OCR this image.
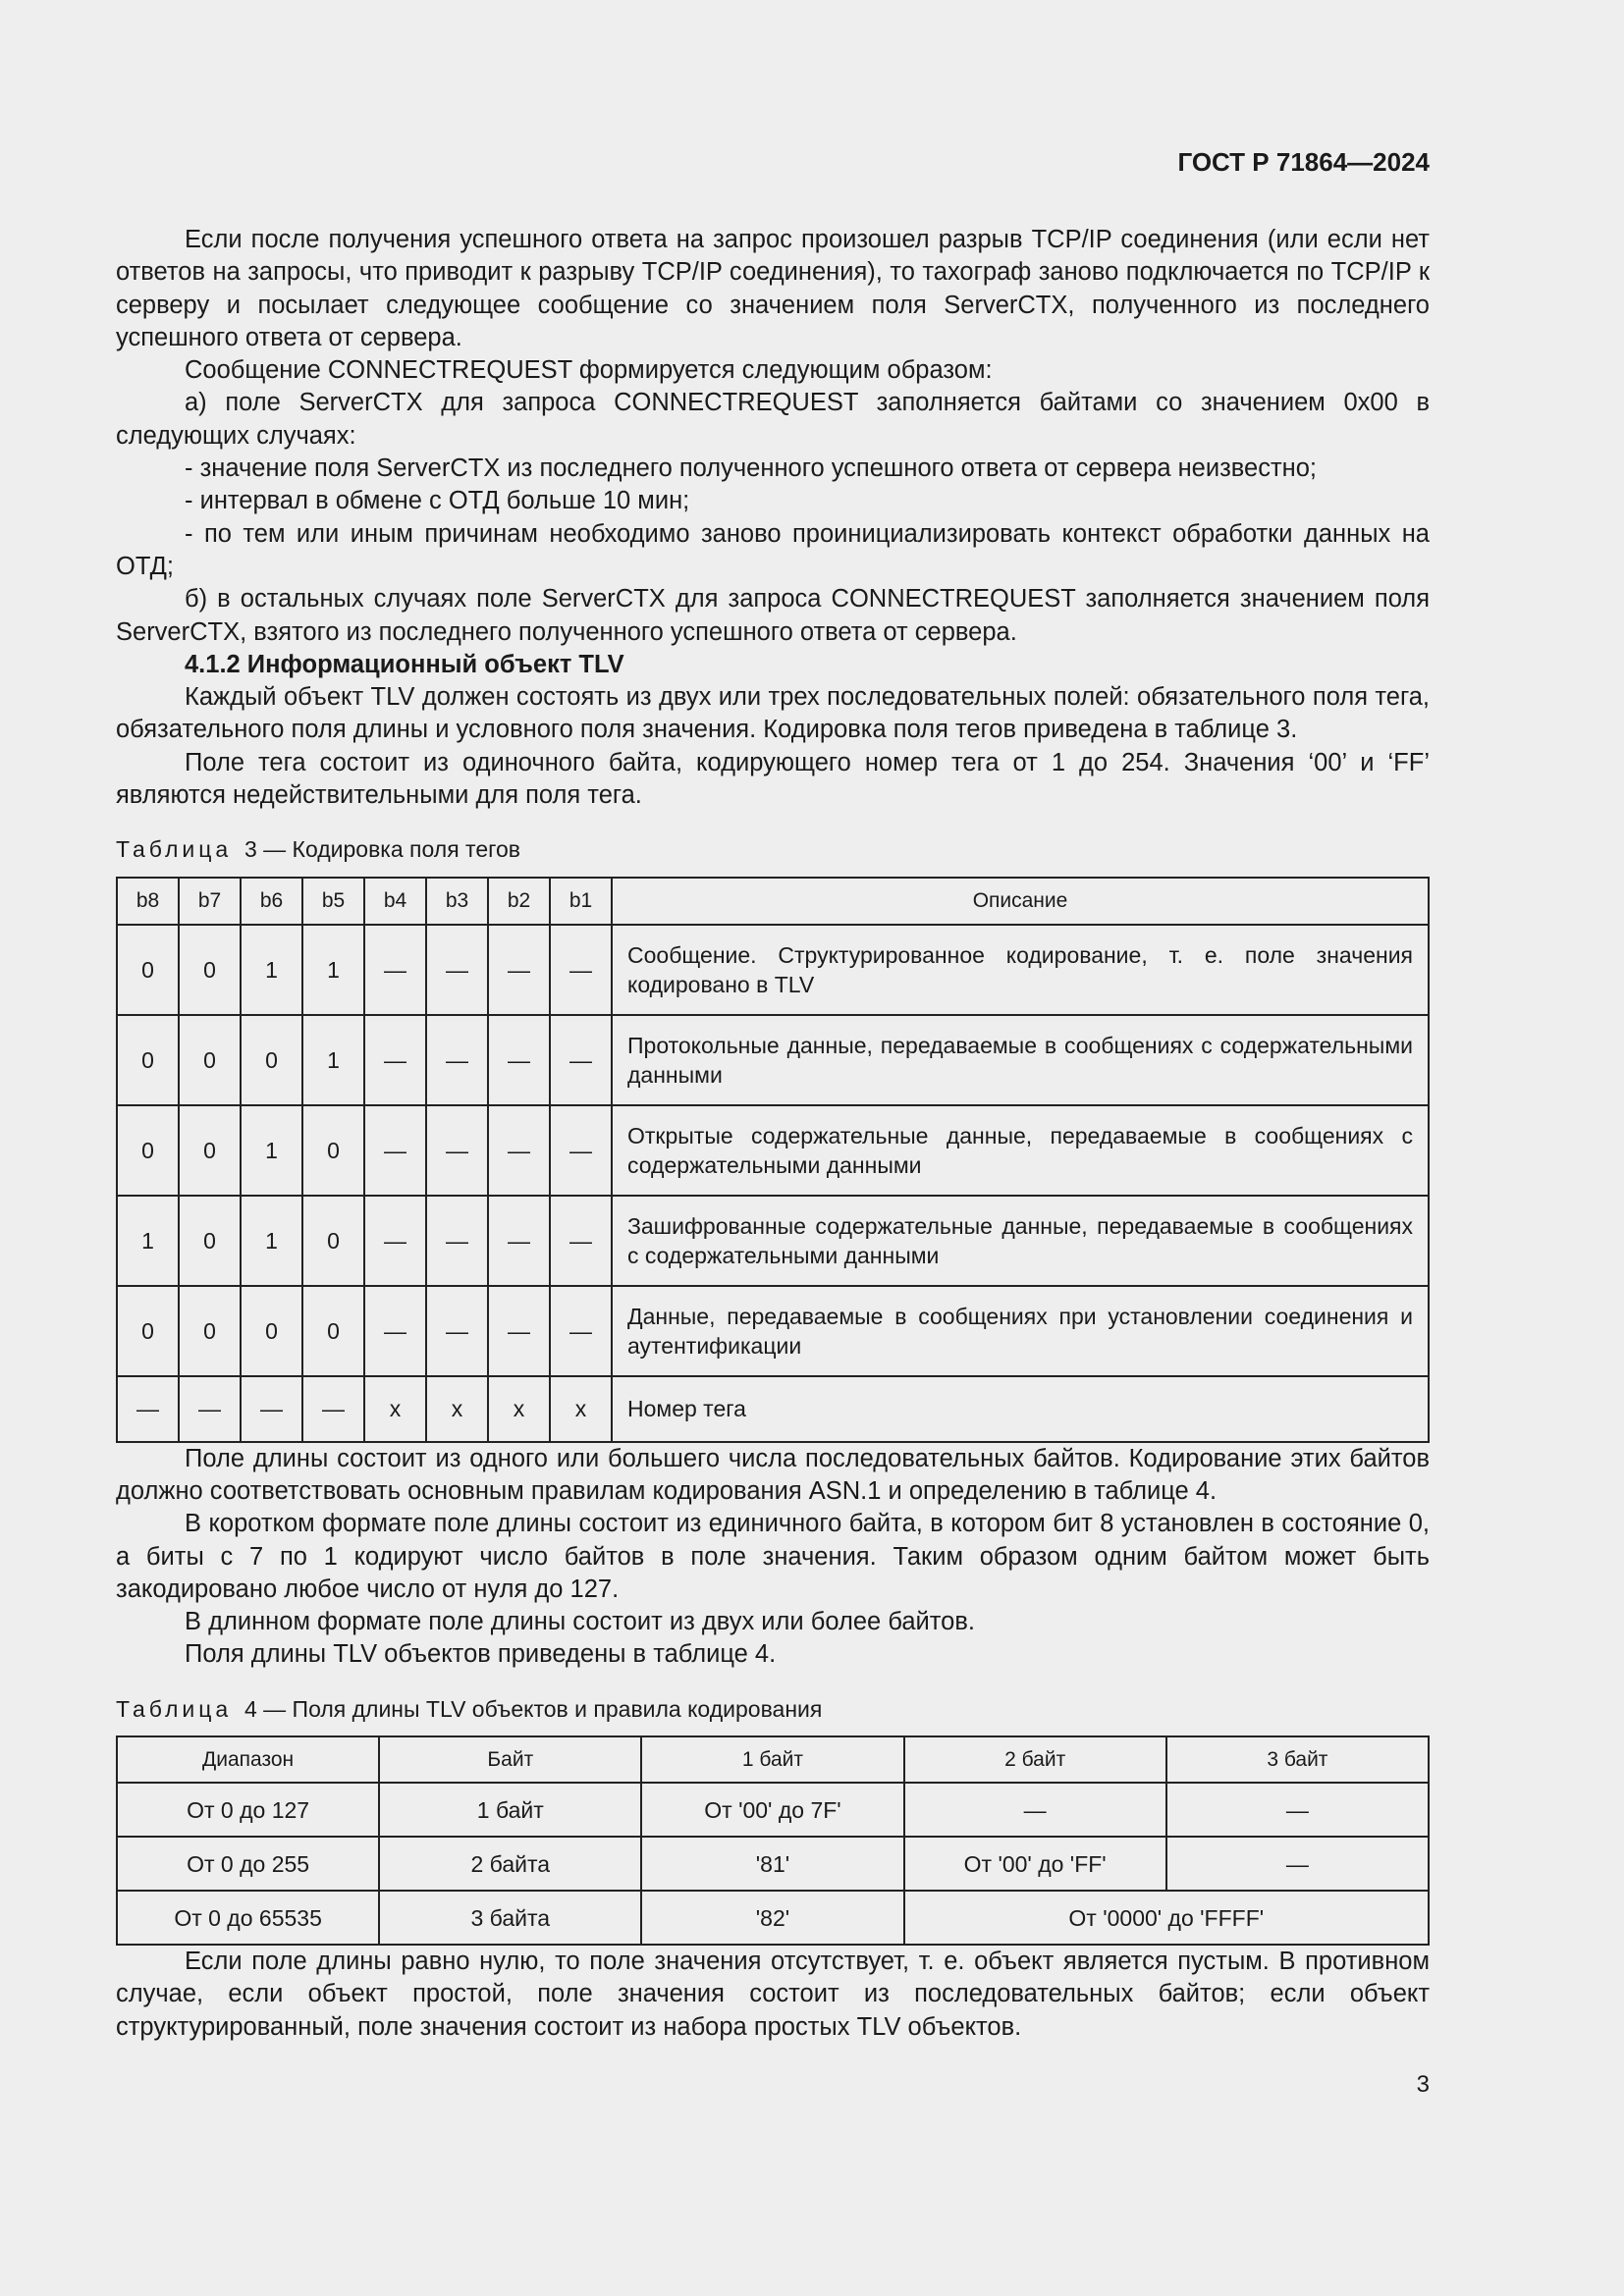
ГОСТ Р 71864—2024

Если после получения успешного ответа на запрос произошел разрыв TCP/IP соединения (или если нет ответов на запросы, что приводит к разрыву TCP/IP соединения), то тахограф заново подключается по TCP/IP к серверу и посылает следующее сообщение со значением поля ServerCTX, полученного из последнего успешного ответа от сервера.

Сообщение CONNECTREQUEST формируется следующим образом:

а) поле ServerCTX для запроса CONNECTREQUEST заполняется байтами со значением 0x00 в следующих случаях:

- значение поля ServerCTX из последнего полученного успешного ответа от сервера неизвестно;

- интервал в обмене с ОТД больше 10 мин;

- по тем или иным причинам необходимо заново проинициализировать контекст обработки данных на ОТД;

б) в остальных случаях поле ServerCTX для запроса CONNECTREQUEST заполняется значением поля ServerCTX, взятого из последнего полученного успешного ответа от сервера.

4.1.2 Информационный объект TLV

Каждый объект TLV должен состоять из двух или трех последовательных полей: обязательного поля тега, обязательного поля длины и условного поля значения. Кодировка поля тегов приведена в таблице 3.

Поле тега состоит из одиночного байта, кодирующего номер тега от 1 до 254. Значения ‘00’ и ‘FF’ являются недействительными для поля тега.

Таблица 3 — Кодировка поля тегов
b8	b7	b6	b5	b4	b3	b2	b1	Описание
0	0	1	1	—	—	—	—	Сообщение. Структурированное кодирование, т. е. поле значения кодировано в TLV
0	0	0	1	—	—	—	—	Протокольные данные, передаваемые в сообщениях с содержательными данными
0	0	1	0	—	—	—	—	Открытые содержательные данные, передаваемые в сообщениях с содержательными данными
1	0	1	0	—	—	—	—	Зашифрованные содержательные данные, передаваемые в сообщениях с содержательными данными
0	0	0	0	—	—	—	—	Данные, передаваемые в сообщениях при установлении соединения и аутентификации
—	—	—	—	x	x	x	x	Номер тега

Поле длины состоит из одного или большего числа последовательных байтов. Кодирование этих байтов должно соответствовать основным правилам кодирования ASN.1 и определению в таблице 4.

В коротком формате поле длины состоит из единичного байта, в котором бит 8 установлен в состояние 0, а биты с 7 по 1 кодируют число байтов в поле значения. Таким образом одним байтом может быть закодировано любое число от нуля до 127.

В длинном формате поле длины состоит из двух или более байтов.

Поля длины TLV объектов приведены в таблице 4.

Таблица 4 — Поля длины TLV объектов и правила кодирования
Диапазон	Байт	1 байт	2 байт	3 байт
От 0 до 127	1 байт	От '00' до 7F'	—	—
От 0 до 255	2 байта	'81'	От '00' до 'FF'	—
От 0 до 65535	3 байта	'82'	От '0000' до 'FFFF'	

Если поле длины равно нулю, то поле значения отсутствует, т. е. объект является пустым. В противном случае, если объект простой, поле значения состоит из последовательных байтов; если объект структурированный, поле значения состоит из набора простых TLV объектов.

3
